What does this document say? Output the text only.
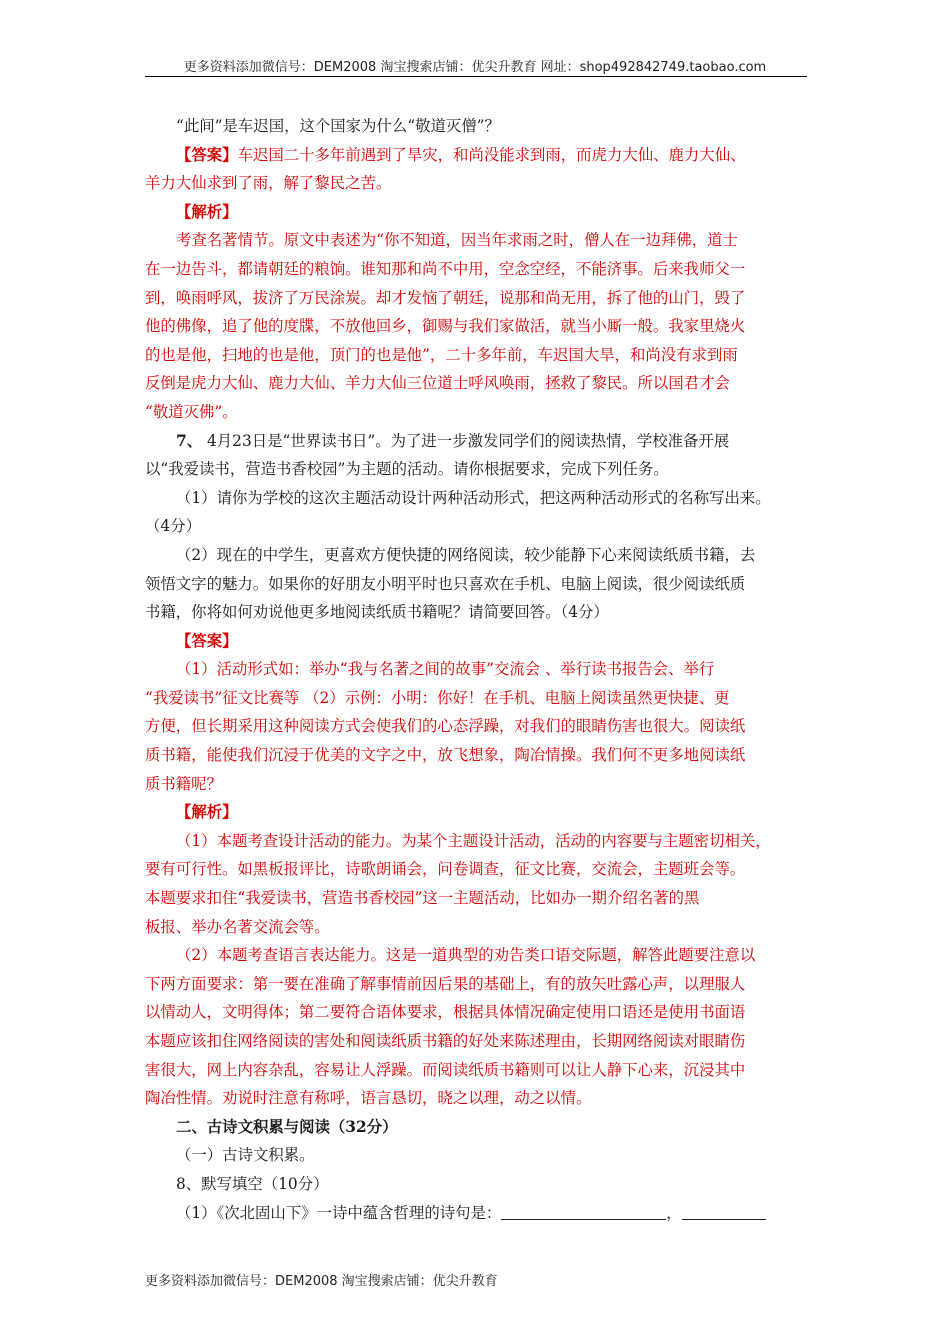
更多资料添加微信号：DEM2008 淘宝搜索店铺：优尖升教育 网址：shop492842749.taobao.com

“此间”是车迟国，这个国家为什么“敬道灭僧”？

【答案】车迟国二十多年前遇到了旱灾，和尚没能求到雨，而虎力大仙、鹿力大仙、

羊力大仙求到了雨，解了黎民之苦。

【解析】

考查名著情节。原文中表述为“你不知道，因当年求雨之时，僧人在一边拜佛，道士

在一边告斗，都请朝廷的粮饷。谁知那和尚不中用，空念空经，不能济事。后来我师父一

到，唤雨呼风，拔济了万民涂炭。却才发恼了朝廷，说那和尚无用，拆了他的山门，毁了

他的佛像，追了他的度牒，不放他回乡，御赐与我们家做活，就当小厮一般。我家里烧火

的也是他，扫地的也是他，顶门的也是他”，二十多年前，车迟国大旱，和尚没有求到雨

反倒是虎力大仙、鹿力大仙、羊力大仙三位道士呼风唤雨，拯救了黎民。所以国君才会

“敬道灭佛”。

7、 4月23日是“世界读书日”。为了进一步激发同学们的阅读热情，学校准备开展

以“我爱读书，营造书香校园”为主题的活动。请你根据要求，完成下列任务。

（1）请你为学校的这次主题活动设计两种活动形式，把这两种活动形式的名称写出来。

（4分）

（2）现在的中学生，更喜欢方便快捷的网络阅读，较少能静下心来阅读纸质书籍，去

领悟文字的魅力。如果你的好朋友小明平时也只喜欢在手机、电脑上阅读，很少阅读纸质

书籍，你将如何劝说他更多地阅读纸质书籍呢？请简要回答。（4分）

【答案】

（1）活动形式如：举办“我与名著之间的故事”交流会 、举行读书报告会、举行

“我爱读书”征文比赛等 （2）示例：小明：你好！在手机、电脑上阅读虽然更快捷、更

方便，但长期采用这种阅读方式会使我们的心态浮躁，对我们的眼睛伤害也很大。阅读纸

质书籍，能使我们沉浸于优美的文字之中，放飞想象，陶冶情操。我们何不更多地阅读纸

质书籍呢？

【解析】

（1）本题考查设计活动的能力。为某个主题设计活动，活动的内容要与主题密切相关，

要有可行性。如黑板报评比，诗歌朗诵会，问卷调查，征文比赛，交流会，主题班会等。

本题要求扣住“我爱读书，营造书香校园”这一主题活动，比如办一期介绍名著的黑

板报、举办名著交流会等。

（2）本题考查语言表达能力。这是一道典型的劝告类口语交际题，解答此题要注意以

下两方面要求：第一要在准确了解事情前因后果的基础上，有的放矢吐露心声，以理服人

以情动人，文明得体；第二要符合语体要求，根据具体情况确定使用口语还是使用书面语

本题应该扣住网络阅读的害处和阅读纸质书籍的好处来陈述理由，长期网络阅读对眼睛伤

害很大，网上内容杂乱，容易让人浮躁。而阅读纸质书籍则可以让人静下心来，沉浸其中

陶冶性情。劝说时注意有称呼，语言恳切，晓之以理，动之以情。

二、古诗文积累与阅读（32分）

（一）古诗文积累。

8、默写填空（10分）

（1）《次北固山下》一诗中蕴含哲理的诗句是：	，

更多资料添加微信号：DEM2008 淘宝搜索店铺：优尖升教育
